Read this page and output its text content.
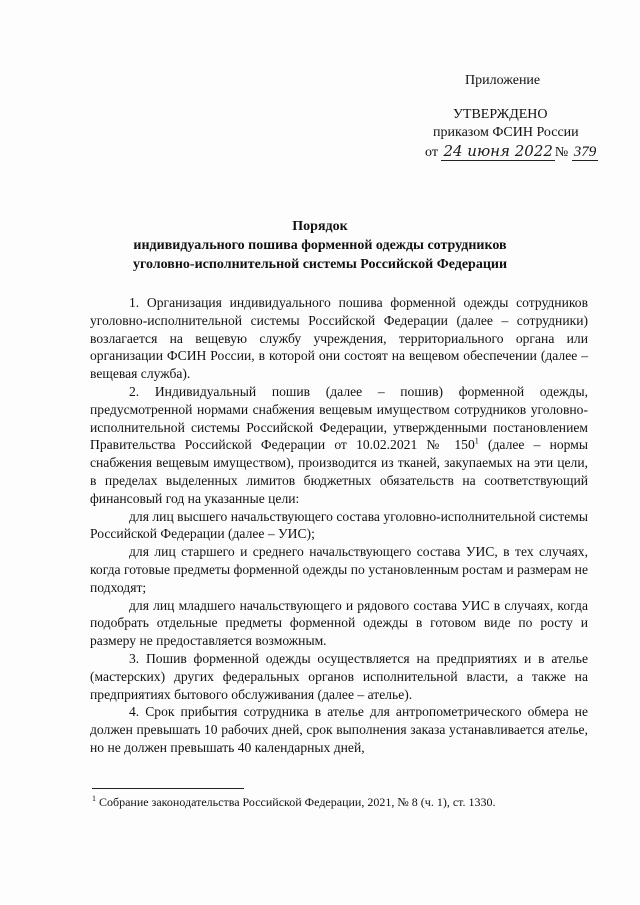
Приложение
УТВЕРЖДЕНО
приказом ФСИН России
от 24 июня 2022 № 379
Порядок
индивидуального пошива форменной одежды сотрудников
уголовно-исполнительной системы Российской Федерации

1. Организация индивидуального пошива форменной одежды сотрудников уголовно-исполнительной системы Российской Федерации (далее – сотрудники) возлагается на вещевую службу учреждения, территориального органа или организации ФСИН России, в которой они состоят на вещевом обеспечении (далее – вещевая служба).

2. Индивидуальный пошив (далее – пошив) форменной одежды, предусмотренной нормами снабжения вещевым имуществом сотрудников уголовно-исполнительной системы Российской Федерации, утвержденными постановлением Правительства Российской Федерации от 10.02.2021 № $150^1$ (далее – нормы снабжения вещевым имуществом), производится из тканей, закупаемых на эти цели, в пределах выделенных лимитов бюджетных обязательств на соответствующий финансовый год на указанные цели:

для лиц высшего начальствующего состава уголовно-исполнительной системы Российской Федерации (далее – УИС);

для лиц старшего и среднего начальствующего состава УИС, в тех случаях, когда готовые предметы форменной одежды по установленным ростам и размерам не подходят;

для лиц младшего начальствующего и рядового состава УИС в случаях, когда подобрать отдельные предметы форменной одежды в готовом виде по росту и размеру не предоставляется возможным.

3. Пошив форменной одежды осуществляется на предприятиях и в ателье (мастерских) других федеральных органов исполнительной власти, а также на предприятиях бытового обслуживания (далее – ателье).

4. Срок прибытия сотрудника в ателье для антропометрического обмера не должен превышать 10 рабочих дней, срок выполнения заказа устанавливается ателье, но не должен превышать 40 календарных дней,

$^1$ Собрание законодательства Российской Федерации, 2021, № 8 (ч. 1), ст. 1330.
